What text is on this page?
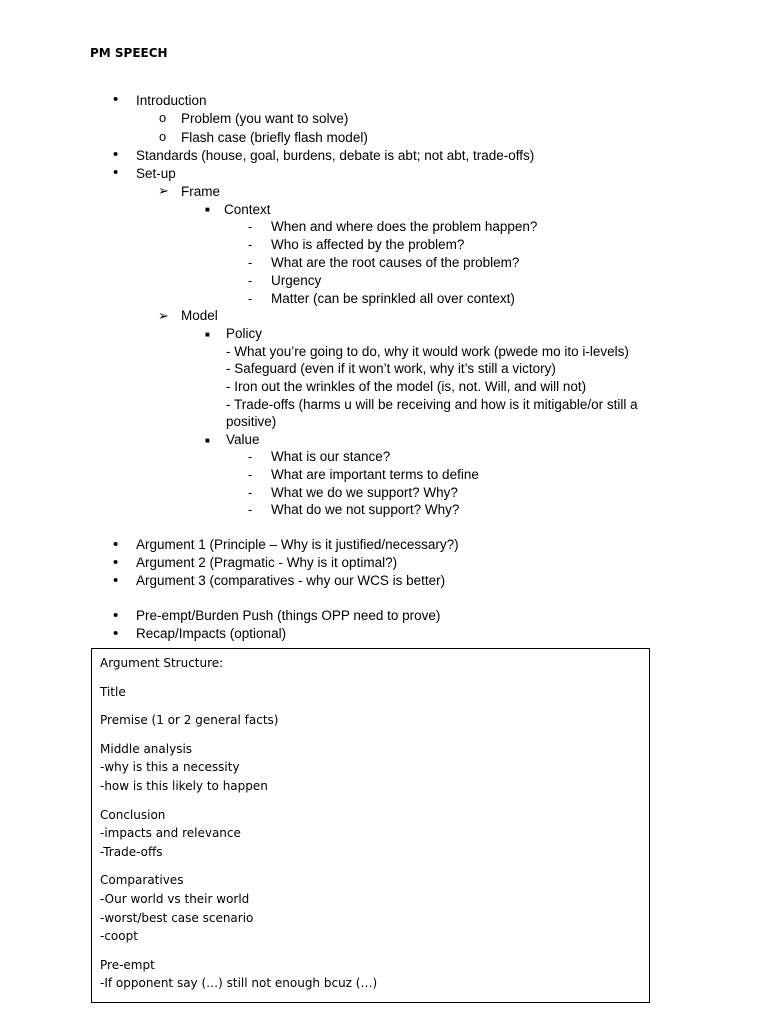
PM SPEECH
• Introduction
o Problem (you want to solve)
o Flash case (briefly flash model)
• Standards (house, goal, burdens, debate is abt; not abt, trade-offs)
• Set-up
➢ Frame
■ Context
- When and where does the problem happen?
- Who is affected by the problem?
- What are the root causes of the problem?
- Urgency
- Matter (can be sprinkled all over context)
➢ Model
■ Policy
- What you’re going to do, why it would work (pwede mo ito i-levels)
- Safeguard (even if it won’t work, why it’s still a victory)
- Iron out the wrinkles of the model (is, not. Will, and will not)
- Trade-offs (harms u will be receiving and how is it mitigable/or still a
positive)
■ Value
- What is our stance?
- What are important terms to define
- What we do we support? Why?
- What do we not support? Why?
• Argument 1 (Principle – Why is it justified/necessary?)
• Argument 2 (Pragmatic - Why is it optimal?)
• Argument 3 (comparatives - why our WCS is better)
• Pre-empt/Burden Push (things OPP need to prove)
• Recap/Impacts (optional)
Argument Structure:
Title
Premise (1 or 2 general facts)
Middle analysis
-why is this a necessity
-how is this likely to happen
Conclusion
-impacts and relevance
-Trade-offs
Comparatives
-Our world vs their world
-worst/best case scenario
-coopt
Pre-empt
-If opponent say (…) still not enough bcuz (…)
